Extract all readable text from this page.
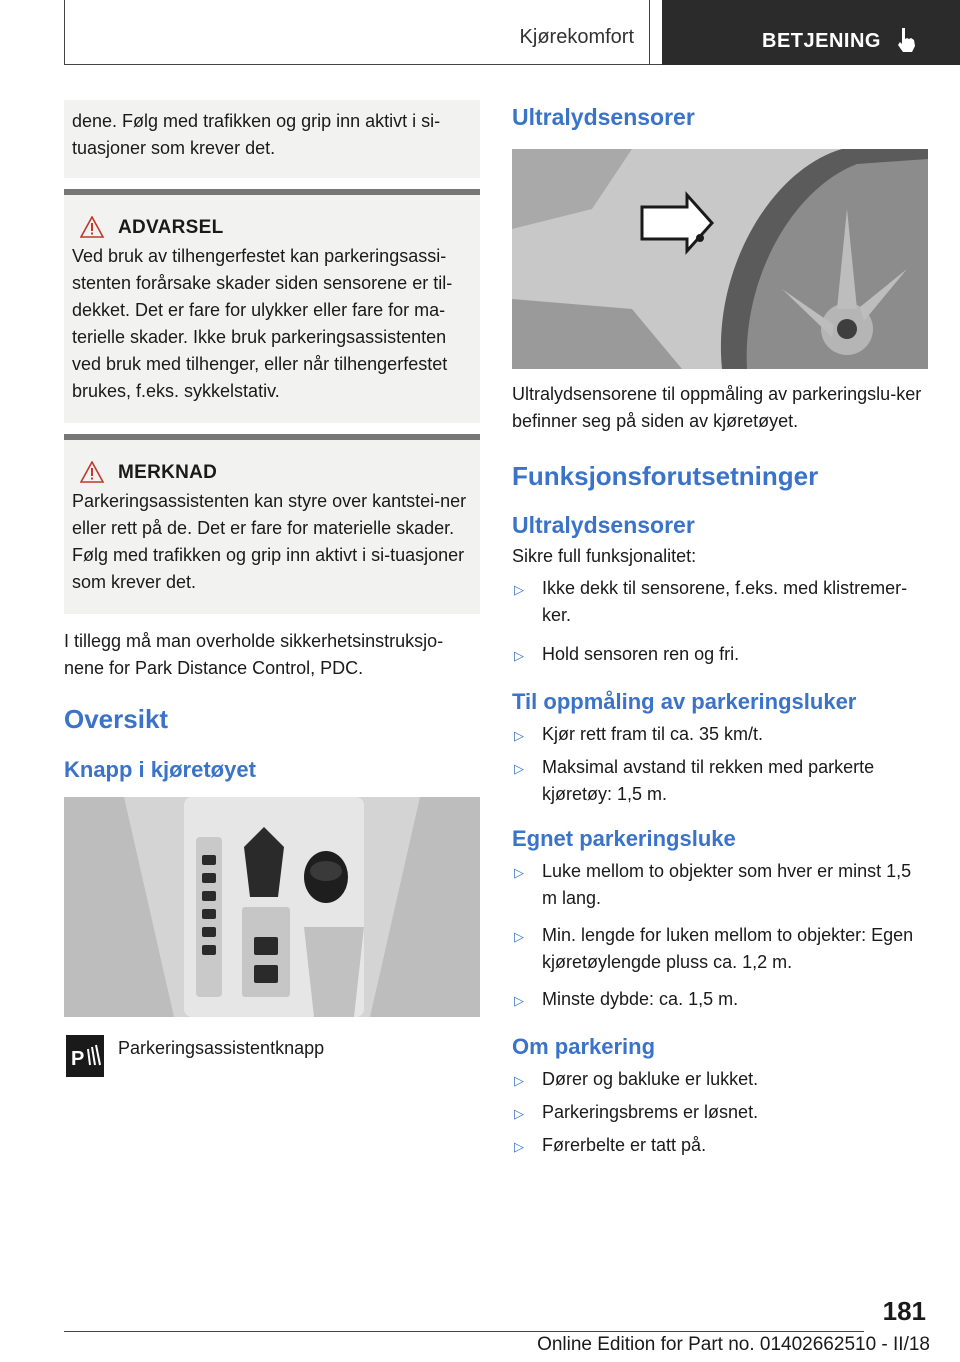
Kjørekomfort	BETJENING
dene. Følg med trafikken og grip inn aktivt i si‐tuasjoner som krever det.
ADVARSEL
Ved bruk av tilhengerfestet kan parkeringsassi‐stenten forårsake skader siden sensorene er til‐dekket. Det er fare for ulykker eller fare for ma‐terielle skader. Ikke bruk parkeringsassistenten ved bruk med tilhenger, eller når tilhengerfestet brukes, f.eks. sykkelstativ.
MERKNAD
Parkeringsassistenten kan styre over kantstei‐ner eller rett på de. Det er fare for materielle skader. Følg med trafikken og grip inn aktivt i si‐tuasjoner som krever det.
I tillegg må man overholde sikkerhetsinstruksjo‐nene for Park Distance Control, PDC.
Oversikt
Knapp i kjøretøyet
P Parkeringsassistentknapp
Ultralydsensorer
Ultralydsensorene til oppmåling av parkeringslu‐ker befinner seg på siden av kjøretøyet.
Funksjonsforutsetninger
Ultralydsensorer
Sikre full funksjonalitet:
▷	Ikke dekk til sensorene, f.eks. med klistremer‐ker.
▷	Hold sensoren ren og fri.
Til oppmåling av parkeringsluker
▷	Kjør rett fram til ca. 35 km/t.
▷	Maksimal avstand til rekken med parkerte kjøretøy: 1,5 m.
Egnet parkeringsluke
▷	Luke mellom to objekter som hver er minst 1,5 m lang.
▷	Min. lengde for luken mellom to objekter: Egen kjøretøylengde pluss ca. 1,2 m.
▷	Minste dybde: ca. 1,5 m.
Om parkering
▷	Dører og bakluke er lukket.
▷	Parkeringsbrems er løsnet.
▷	Førerbelte er tatt på.
181
Online Edition for Part no. 01402662510 - II/18
